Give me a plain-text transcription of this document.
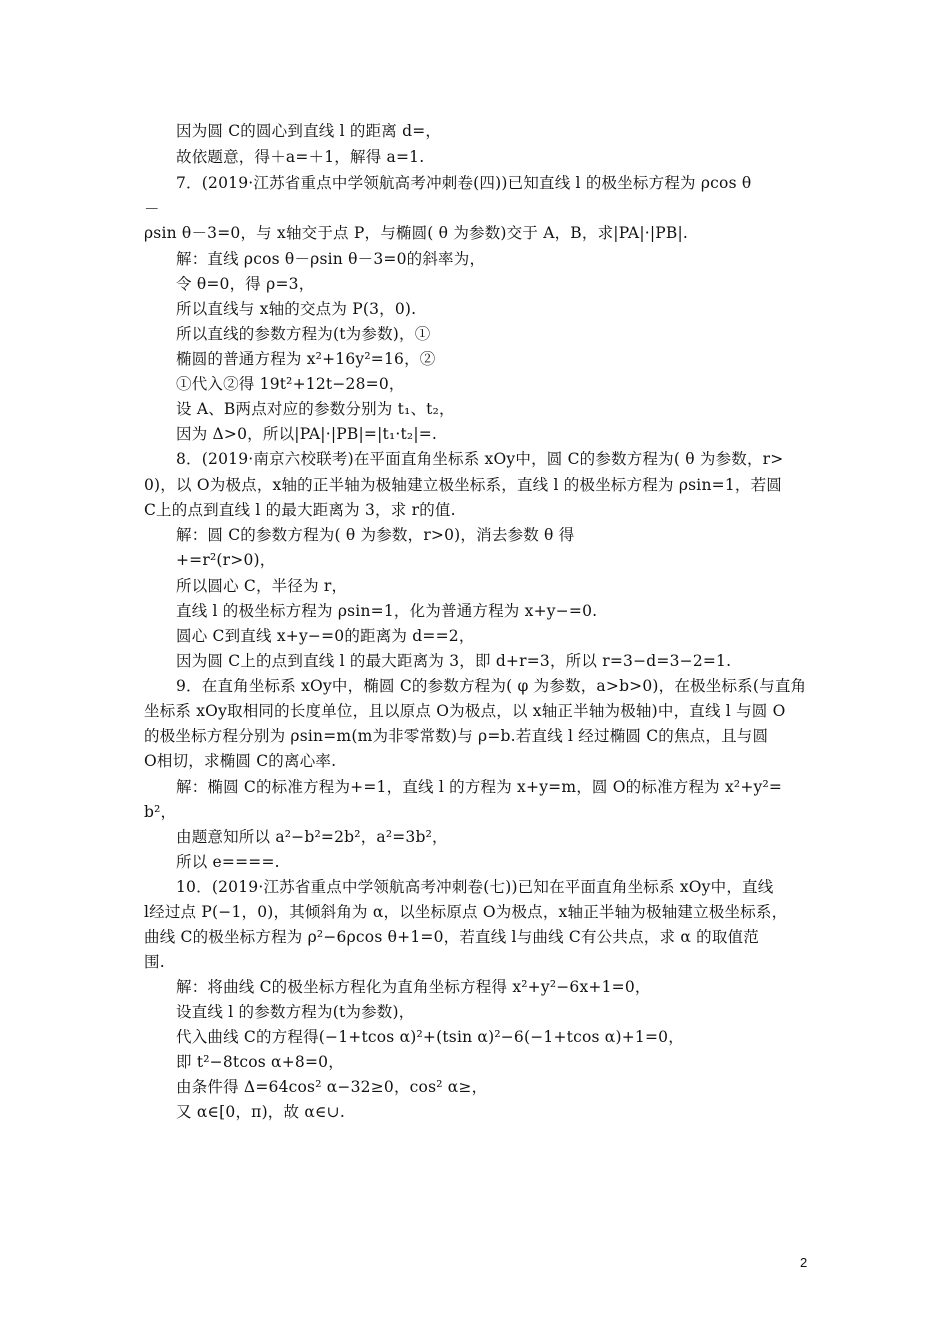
因为圆 C的圆心到直线 l 的距离 d=，
故依题意，得＋a=＋1，解得 a=1.
7．(2019·江苏省重点中学领航高考冲刺卷(四))已知直线 l 的极坐标方程为 ρcos θ
－
ρsin θ－3=0，与 x轴交于点 P，与椭圆( θ 为参数)交于 A，B，求|PA|·|PB|.
解：直线 ρcos θ－ρsin θ－3=0的斜率为，
令 θ=0，得 ρ=3，
所以直线与 x轴的交点为 P(3，0).
所以直线的参数方程为(t为参数)，①
椭圆的普通方程为 x²+16y²=16，②
①代入②得 19t²+12t−28=0，
设 A、B两点对应的参数分别为 t₁、t₂，
因为 Δ>0，所以|PA|·|PB|=|t₁·t₂|=.
8．(2019·南京六校联考)在平面直角坐标系 xOy中，圆 C的参数方程为( θ 为参数，r>
0)，以 O为极点，x轴的正半轴为极轴建立极坐标系，直线 l 的极坐标方程为 ρsin=1，若圆
C上的点到直线 l 的最大距离为 3，求 r的值.
解：圆 C的参数方程为( θ 为参数，r>0)，消去参数 θ 得
+=r²(r>0)，
所以圆心 C，半径为 r，
直线 l 的极坐标方程为 ρsin=1，化为普通方程为 x+y−=0.
圆心 C到直线 x+y−=0的距离为 d==2，
因为圆 C上的点到直线 l 的最大距离为 3，即 d+r=3，所以 r=3−d=3−2=1.
9．在直角坐标系 xOy中，椭圆 C的参数方程为( φ 为参数，a>b>0)，在极坐标系(与直角
坐标系 xOy取相同的长度单位，且以原点 O为极点，以 x轴正半轴为极轴)中，直线 l 与圆 O
的极坐标方程分别为 ρsin=m(m为非零常数)与 ρ=b.若直线 l 经过椭圆 C的焦点，且与圆
O相切，求椭圆 C的离心率.
解：椭圆 C的标准方程为+=1，直线 l 的方程为 x+y=m，圆 O的标准方程为 x²+y²=
b²，
由题意知所以 a²−b²=2b²，a²=3b²，
所以 e====.
10．(2019·江苏省重点中学领航高考冲刺卷(七))已知在平面直角坐标系 xOy中，直线
l经过点 P(−1，0)，其倾斜角为 α，以坐标原点 O为极点，x轴正半轴为极轴建立极坐标系，
曲线 C的极坐标方程为 ρ²−6ρcos θ+1=0，若直线 l与曲线 C有公共点，求 α 的取值范
围.
解：将曲线 C的极坐标方程化为直角坐标方程得 x²+y²−6x+1=0，
设直线 l 的参数方程为(t为参数)，
代入曲线 C的方程得(−1+tcos α)²+(tsin α)²−6(−1+tcos α)+1=0，
即 t²−8tcos α+8=0，
由条件得 Δ=64cos² α−32≥0，cos² α≥，
又 α∈[0，π)，故 α∈∪.
2
